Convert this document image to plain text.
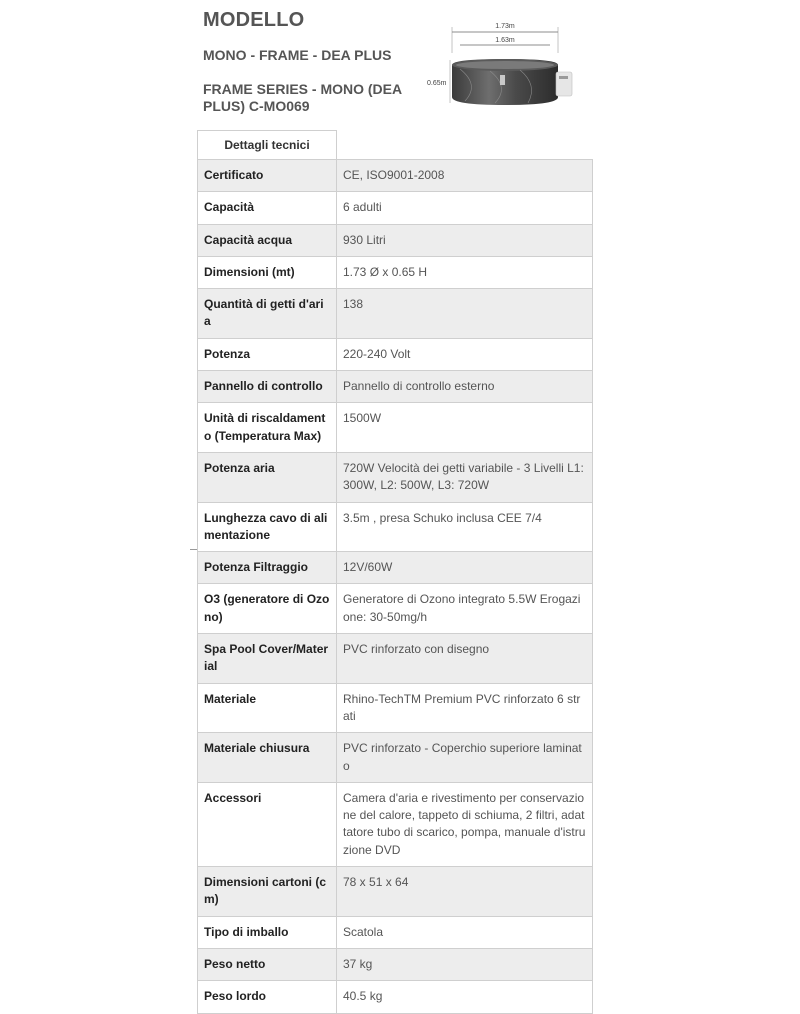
MODELLO
MONO - FRAME - DEA PLUS
FRAME SERIES - MONO (DEA PLUS) C-MO069
1.73m
1.63m
0.65m
Dettagli tecnici
Certificato	CE, ISO9001-2008
Capacità	6 adulti
Capacità acqua	930 Litri
Dimensioni (mt)	1.73 Ø x 0.65 H
Quantità di getti d'aria	138
Potenza	220-240 Volt
Pannello di controllo	Pannello di controllo esterno
Unità di riscaldamento (Temperatura Max)	1500W
Potenza aria	720W Velocità dei getti variabile - 3 Livelli L1: 300W, L2: 500W, L3: 720W
Lunghezza cavo di alimentazione	3.5m , presa Schuko inclusa CEE 7/4
Potenza Filtraggio	12V/60W
O3 (generatore di Ozono)	Generatore di Ozono integrato 5.5W Erogazione: 30-50mg/h
Spa Pool Cover/Material	PVC rinforzato con disegno
Materiale	Rhino-TechTM Premium PVC rinforzato 6 strati
Materiale chiusura	PVC rinforzato - Coperchio superiore laminato
Accessori	Camera d'aria e rivestimento per conservazione del calore, tappeto di schiuma, 2 filtri, adattatore tubo di scarico, pompa, manuale d'istruzione DVD
Dimensioni cartoni (cm)	78 x 51 x 64
Tipo di imballo	Scatola
Peso netto	37 kg
Peso lordo	40.5 kg
